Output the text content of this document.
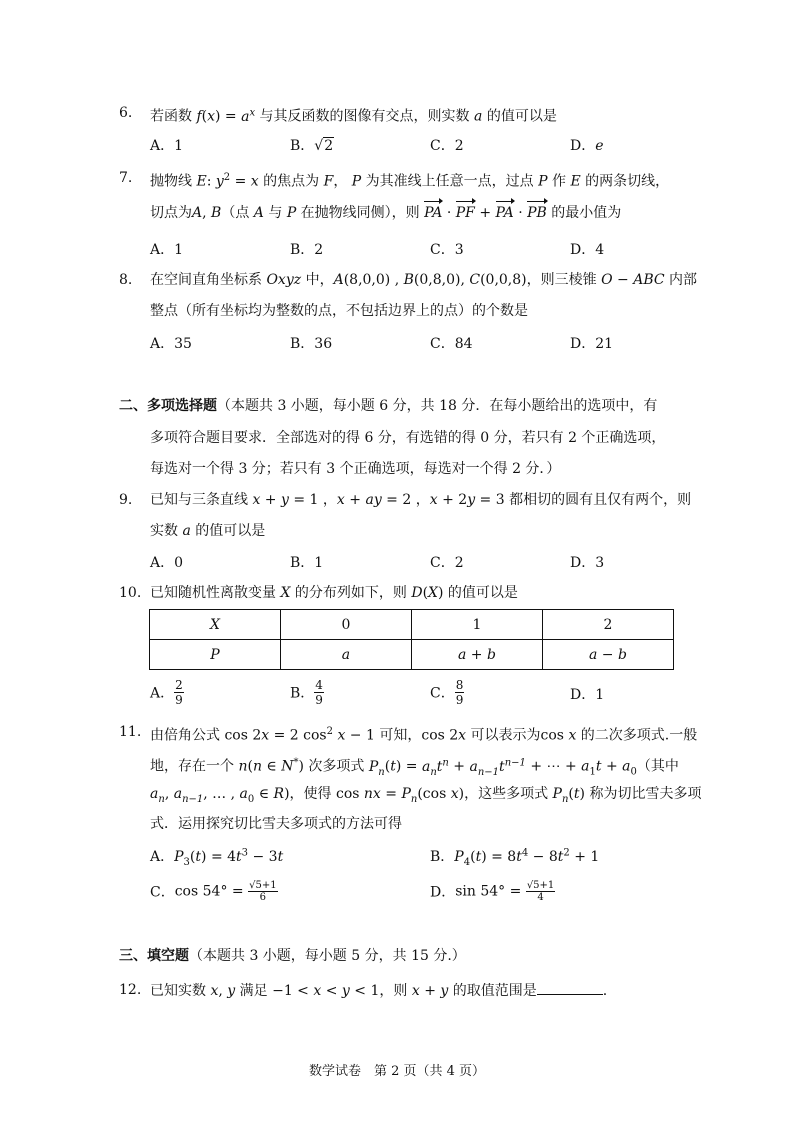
6. 若函数 $f(x) = a^x$ 与其反函数的图像有交点，则实数 a 的值可以是
A．1	B．√2	C．2	D．e
7. 抛物线 E: $y^2 = x$ 的焦点为 F， P 为其准线上任意一点，过点 P 作 E 的两条切线，
切点为A, B（点 A 与 P 在抛物线同侧），则 PA · PF + PA · PB 的最小值为
A．1	B．2	C．3	D．4
8. 在空间直角坐标系 Oxyz 中，A(8,0,0) , B(0,8,0), C(0,0,8)，则三棱锥 O − ABC 内部
整点（所有坐标均为整数的点，不包括边界上的点）的个数是
A．35	B．36	C．84	D．21
二、多项选择题（本题共 3 小题，每小题 6 分，共 18 分．在每小题给出的选项中，有
多项符合题目要求．全部选对的得 6 分，有选错的得 0 分，若只有 2 个正确选项，
每选对一个得 3 分；若只有 3 个正确选项，每选对一个得 2 分．）
9. 已知与三条直线 x + y = 1 ，x + ay = 2 ，x + 2y = 3 都相切的圆有且仅有两个，则
实数 a 的值可以是
A．0	B．1	C．2	D．3
10. 已知随机性离散变量 X 的分布列如下，则 D(X) 的值可以是
X	0	1	2
P	a	a + b	a − b
A． $\frac{2}{9}$	B． $\frac{4}{9}$	C． $\frac{8}{9}$	D．1
11. 由倍角公式 cos 2x = 2 $\cos^2 x - 1$ 可知，cos 2x 可以表示为cos x 的二次多项式.一般
地，存在一个 n(n ∈ N*) 次多项式 $P_n(t) = a_nt^n + a_{n-1}t^{n-1}$ + ⋯ + $a_1t + a_0$（其中
$a_n$, $a_{n-1}$, … , $a_0$ ∈ R)，使得 cos nx = $P_n(\cos$ x)，这些多项式 $P_n(t)$ 称为切比雪夫多项
式．运用探究切比雪夫多项式的方法可得
A．$P_3(t) = 4t^3 - 3t$	B．$P_4(t) = 8t^4 - 8t^2 + 1$
C．$\cos 54^\circ = \frac{√5+1}{6}$	D．$\sin 54^\circ = \frac{√5+1}{4}$
三、填空题（本题共 3 小题，每小题 5 分，共 15 分.）
12. 已知实数 x, y 满足 −1 < x < y < 1，则 x + y 的取值范围是	.
数学试卷　第 2 页（共 4 页）
